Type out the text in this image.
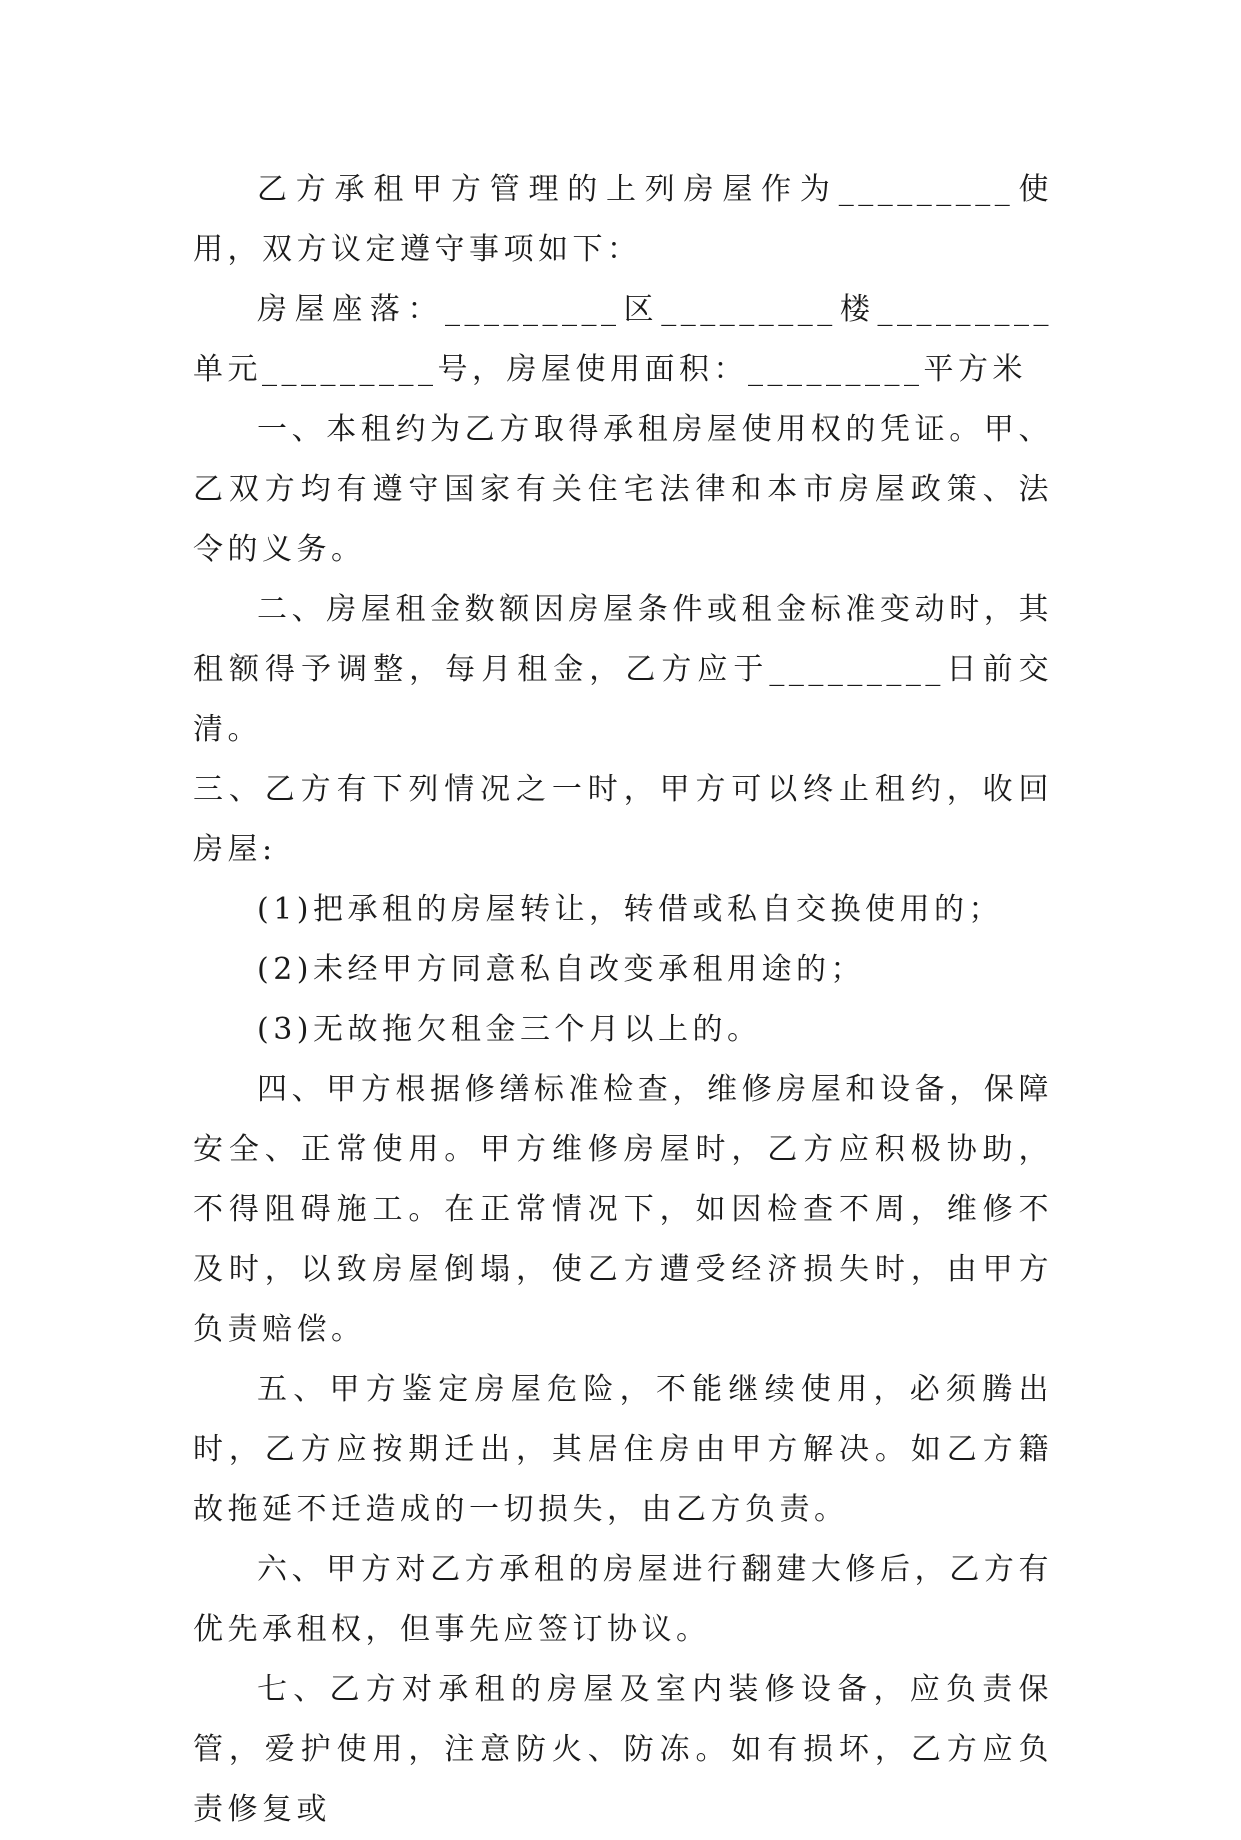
乙方承租甲方管理的上列房屋作为_________使用，双方议定遵守事项如下：

房屋座落：_________区_________楼_________单元_________号，房屋使用面积：_________平方米

一、本租约为乙方取得承租房屋使用权的凭证。甲、乙双方均有遵守国家有关住宅法律和本市房屋政策、法令的义务。

二、房屋租金数额因房屋条件或租金标准变动时，其租额得予调整，每月租金，乙方应于_________日前交清。

三、乙方有下列情况之一时，甲方可以终止租约，收回房屋:

(1)把承租的房屋转让，转借或私自交换使用的；

(2)未经甲方同意私自改变承租用途的；

(3)无故拖欠租金三个月以上的。

四、甲方根据修缮标准检查，维修房屋和设备，保障安全、正常使用。甲方维修房屋时，乙方应积极协助，不得阻碍施工。在正常情况下，如因检查不周，维修不及时，以致房屋倒塌，使乙方遭受经济损失时，由甲方负责赔偿。

五、甲方鉴定房屋危险，不能继续使用，必须腾出时，乙方应按期迁出，其居住房由甲方解决。如乙方籍故拖延不迁造成的一切损失，由乙方负责。

六、甲方对乙方承租的房屋进行翻建大修后，乙方有优先承租权，但事先应签订协议。

七、乙方对承租的房屋及室内装修设备，应负责保管，爱护使用，注意防火、防冻。如有损坏，乙方应负责修复或
